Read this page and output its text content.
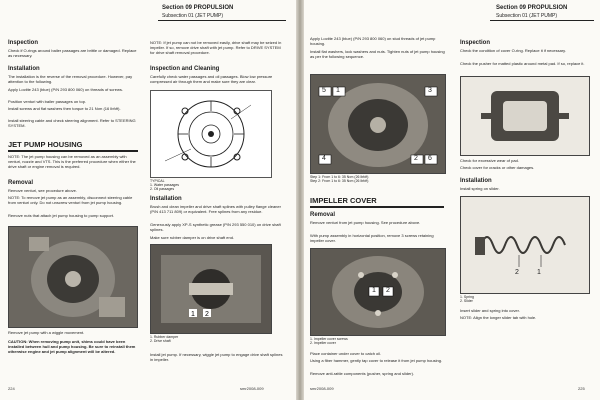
Section 09 PROPULSION
Subsection 01 (JET PUMP)
Inspection
Check if O-rings around bailer passages are brittle or damaged. Replace as necessary.
Installation
The installation is the reverse of the removal procedure. However, pay attention to the following.
Apply Loctite 243 (blue) (P/N 293 800 060) on threads of screws.
Position venturi with bailer passages on top.
Install screws and flat washers then torque to 21 N•m (16 lbf•ft).
Install steering cable and check steering alignment. Refer to STEERING SYSTEM.
JET PUMP HOUSING
NOTE: The jet pump housing can be removed as an assembly with venturi, nozzle and VTS. This is the preferred procedure when either the drive shaft or engine removal is required.
Removal
Remove venturi, see procedure above.
NOTE: To remove jet pump as an assembly, disconnect steering cable from venturi only. Do not unscrew venturi from jet pump housing.
Remove nuts that attach jet pump housing to pump support.
Remove jet pump with a wiggle movement.
CAUTION: When removing pump unit, shims could have been installed between hull and pump housing. Be sure to reinstall them otherwise engine and jet pump alignment will be altered.
224
NOTE: If jet pump can not be removed easily, drive shaft may be seized in impeller. If so, remove drive shaft with jet pump. Refer to DRIVE SYSTEM for drive shaft removal procedure.
Inspection and Cleaning
Carefully check water passages and oil passages. Blow low pressure compressed air through them and make sure they are clear.
TYPICAL
1. Water passages
2. Oil passages
Installation
Brush and clean impeller and drive shaft splines with pulley flange cleaner (P/N 413 711 809) or equivalent. Free splines from any residue.
Generously apply XP-S synthetic grease (P/N 293 550 010) on drive shaft splines.
Make sure rubber damper is on drive shaft end.
1 2
1. Rubber damper
2. Drive shaft
Install jet pump. If necessary, wiggle jet pump to engage drive shaft splines in impeller.
smr2008-009
Section 09 PROPULSION
Subsection 01 (JET PUMP)
Apply Loctite 243 (blue) (P/N 293 800 060) on stud threads of jet pump housing.
Install flat washers, lock washers and nuts. Tighten nuts of jet pump housing as per the following sequence.
5 1	3
4	2 6
Step 1: From 1 to 6: 35 N•m (26 lbf•ft)
Step 2: From 1 to 6: 35 N•m (26 lbf•ft)
IMPELLER COVER
Removal
Remove venturi from jet pump housing. See procedure above.
With pump assembly in horizontal position, remove 3 screws retaining impeller cover.
1 2
1. Impeller cover screws
2. Impeller cover
Place container under cover to catch oil.
Using a fiber hammer, gently tap cover to release it from jet pump housing.
Remove anti-rattle components (pusher, spring and slider).
smr2008-009
Inspection
Check the condition of cover O-ring. Replace it if necessary.
Check the pusher for matted plastic around metal pad. If so, replace it.
Check for excessive wear of pad.
Check cover for cracks or other damages.
Installation
Install spring on slider.
2	1
1. Spring
2. Slider
Insert slider and spring into cover.
NOTE: Align the longer slider tab with hole.
225
